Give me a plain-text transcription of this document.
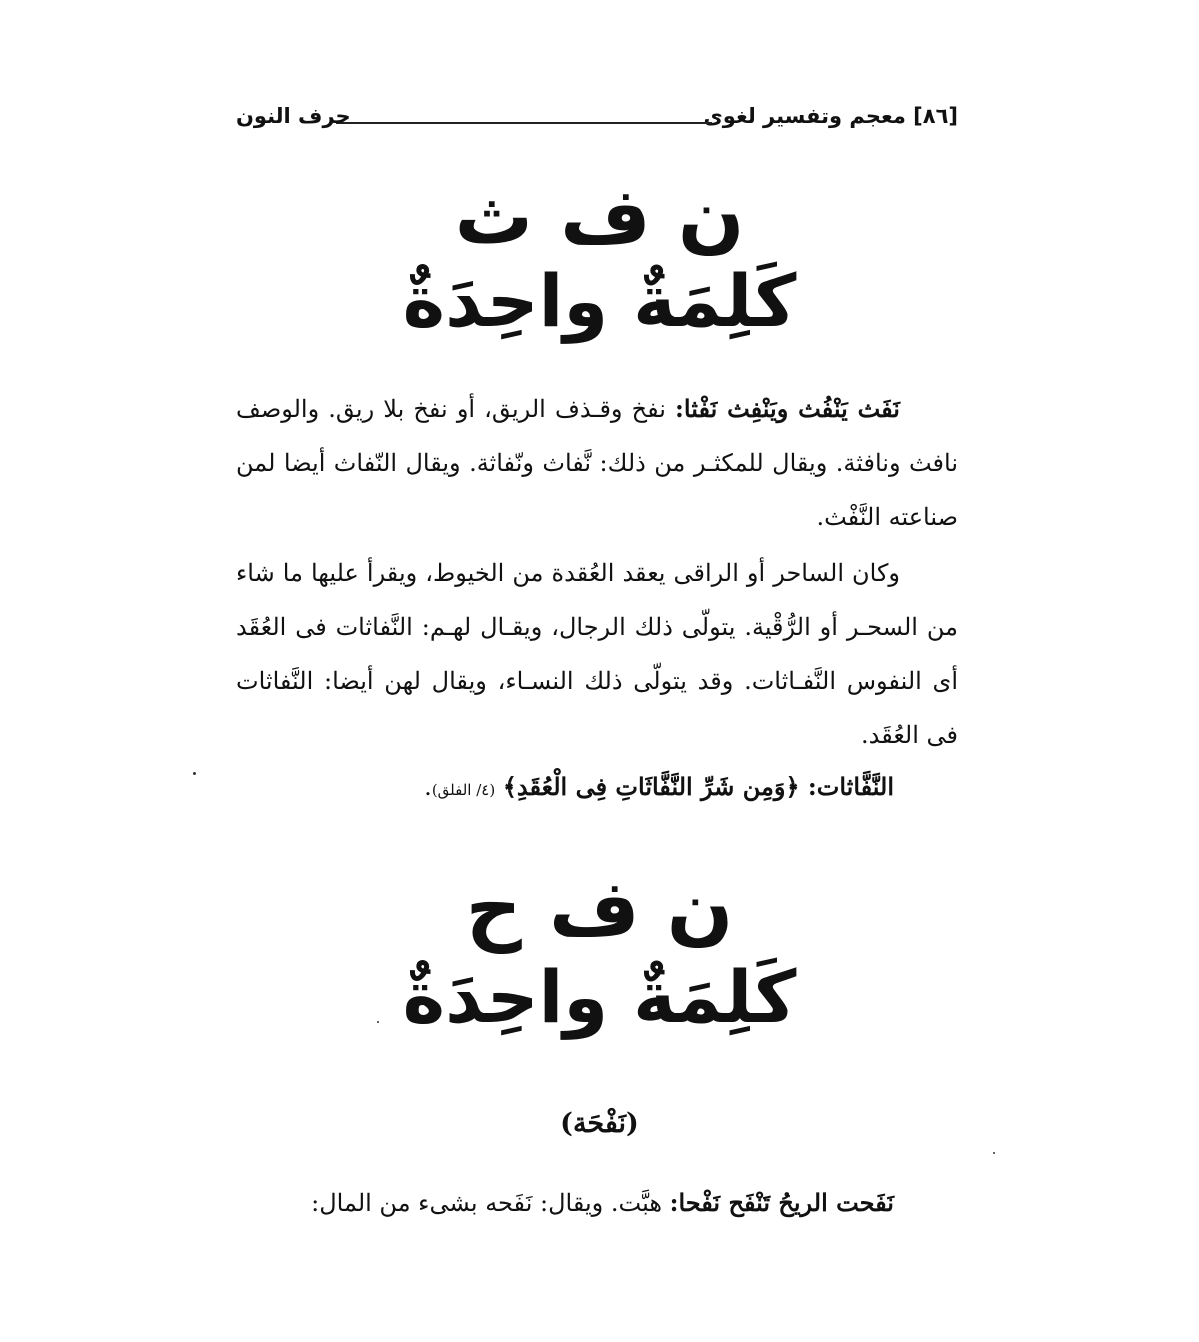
[٨٦] معجم وتفسير لغوى
حرف النون
ن ف ث
كَلِمَةٌ واحِدَةٌ
نَفَث يَنْفُث ويَنْفِث نَفْثا: نفخ وقـذف الريق، أو نفخ بلا ريق. والوصف نافث ونافثة. ويقال للمكثـر من ذلك: نَّفاث ونّفاثة. ويقال النّفاث أيضا لمن صناعته النَّفْث.
وكان الساحر أو الراقى يعقد العُقدة من الخيوط، ويقرأ عليها ما شاء من السحـر أو الرُّقْية. يتولّى ذلك الرجال، ويقـال لهـم: النَّفاثات فى العُقَد أى النفوس النَّفـاثات. وقد يتولّى ذلك النسـاء، ويقال لهن أيضا: النَّفاثات فى العُقَد.
النَّفَّاثات: ﴿وَمِن شَرِّ النَّفَّاثَاتِ فِى الْعُقَدِ﴾ (٤/ الفلق).
ن ف ح
كَلِمَةٌ واحِدَةٌ
(نَفْحَة)
نَفَحت الريحُ تَنْفَح نَفْحا: هبَّت. ويقال: نَفَحه بشىء من المال:
